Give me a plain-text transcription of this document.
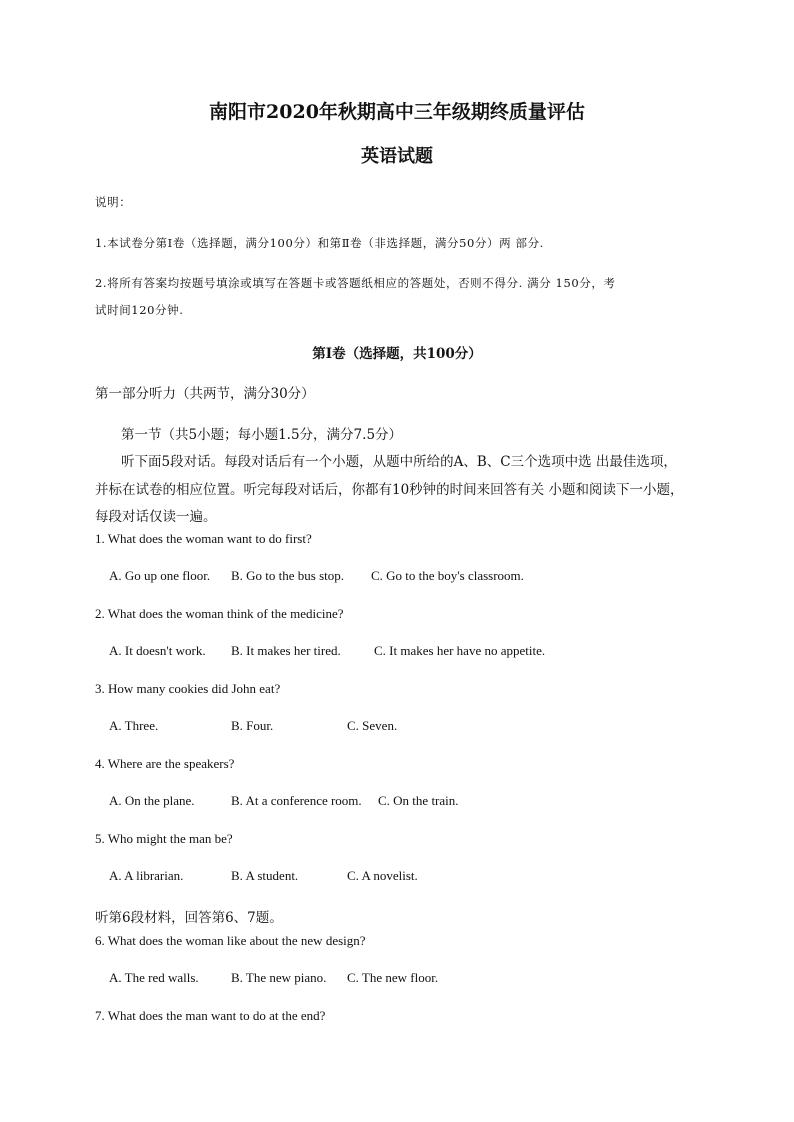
南阳市2020年秋期高中三年级期终质量评估
英语试题
说明：
1.本试卷分第Ⅰ卷（选择题，满分100分）和第Ⅱ卷（非选择题，满分50分）两 部分.
2.将所有答案均按题号填涂或填写在答题卡或答题纸相应的答题处，否则不得分. 满分 150分，考
试时间120分钟.
第Ⅰ卷（选择题，共100分）
第一部分听力（共两节，满分30分）
第一节（共5小题；每小题1.5分，满分7.5分）
听下面5段对话。每段对话后有一个小题，从题中所给的A、B、C三个选项中选 出最佳选项，
并标在试卷的相应位置。听完每段对话后，你都有10秒钟的时间来回答有关 小题和阅读下一小题，
每段对话仅读一遍。
1. What does the woman want to do first?
A. Go up one floor. B. Go to the bus stop. C. Go to the boy's classroom.
2. What does the woman think of the medicine?
A. It doesn't work. B. It makes her tired.	C. It makes her have no appetite.
3. How many cookies did John eat?
A. Three.	B. Four.	C. Seven.
4. Where are the speakers?
A. On the plane.	B. At a conference room. C. On the train.
5. Who might the man be?
A. A librarian.	B. A student.	C. A novelist.
听第6段材料，回答第6、7题。
6. What does the woman like about the new design?
A. The red walls. B. The new piano. C. The new floor.
7. What does the man want to do at the end?
